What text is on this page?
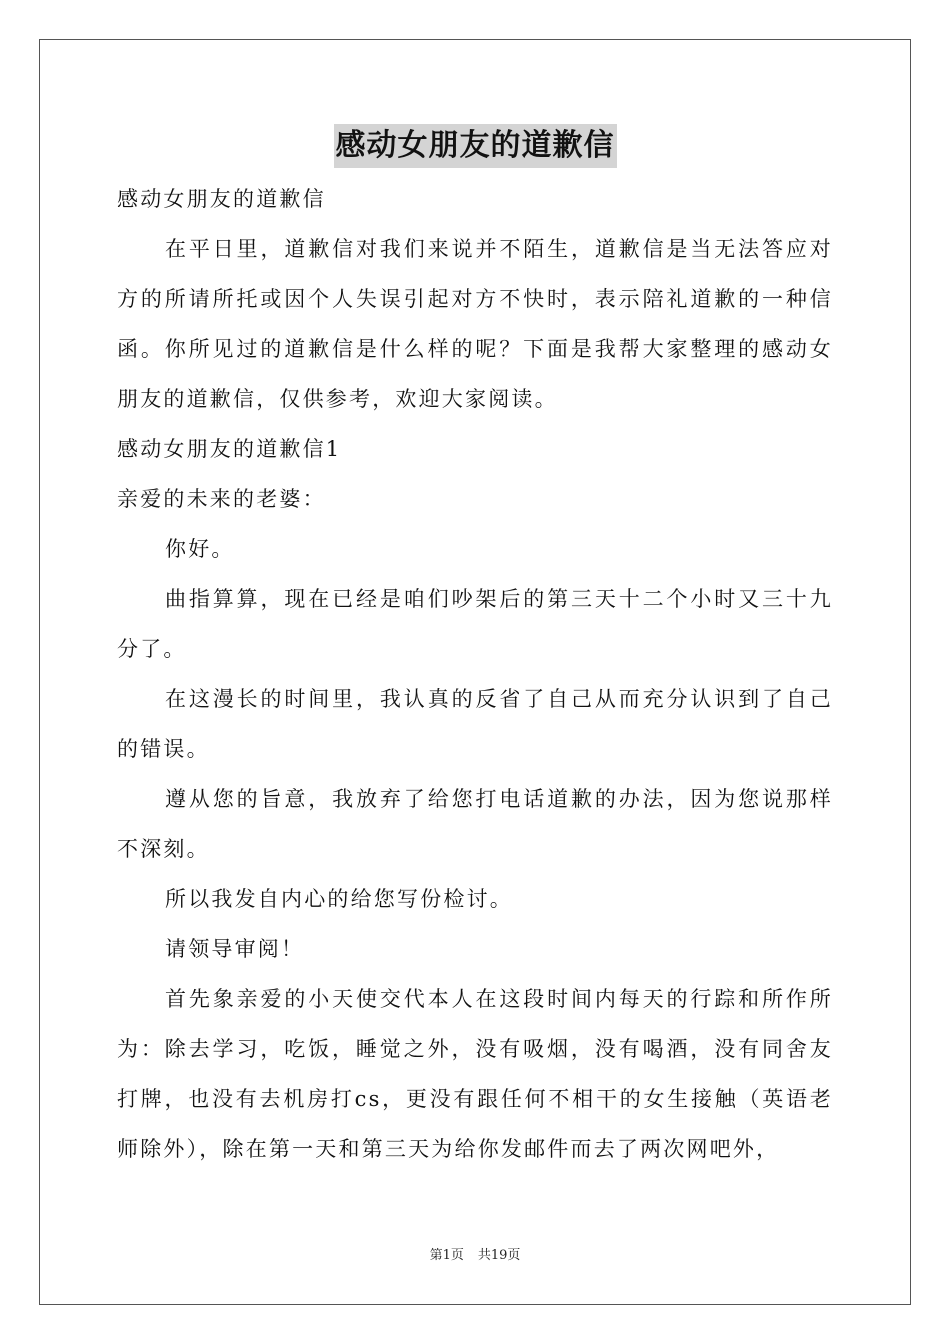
感动女朋友的道歉信

感动女朋友的道歉信

在平日里，道歉信对我们来说并不陌生，道歉信是当无法答应对方的所请所托或因个人失误引起对方不快时，表示陪礼道歉的一种信函。你所见过的道歉信是什么样的呢？下面是我帮大家整理的感动女朋友的道歉信，仅供参考，欢迎大家阅读。

感动女朋友的道歉信1

亲爱的未来的老婆：

你好。

曲指算算，现在已经是咱们吵架后的第三天十二个小时又三十九分了。

在这漫长的时间里，我认真的反省了自己从而充分认识到了自己的错误。

遵从您的旨意，我放弃了给您打电话道歉的办法，因为您说那样不深刻。

所以我发自内心的给您写份检讨。

请领导审阅！

首先象亲爱的小天使交代本人在这段时间内每天的行踪和所作所为：除去学习，吃饭，睡觉之外，没有吸烟，没有喝酒，没有同舍友打牌，也没有去机房打cs，更没有跟任何不相干的女生接触（英语老师除外），除在第一天和第三天为给你发邮件而去了两次网吧外，

第1页 共19页
